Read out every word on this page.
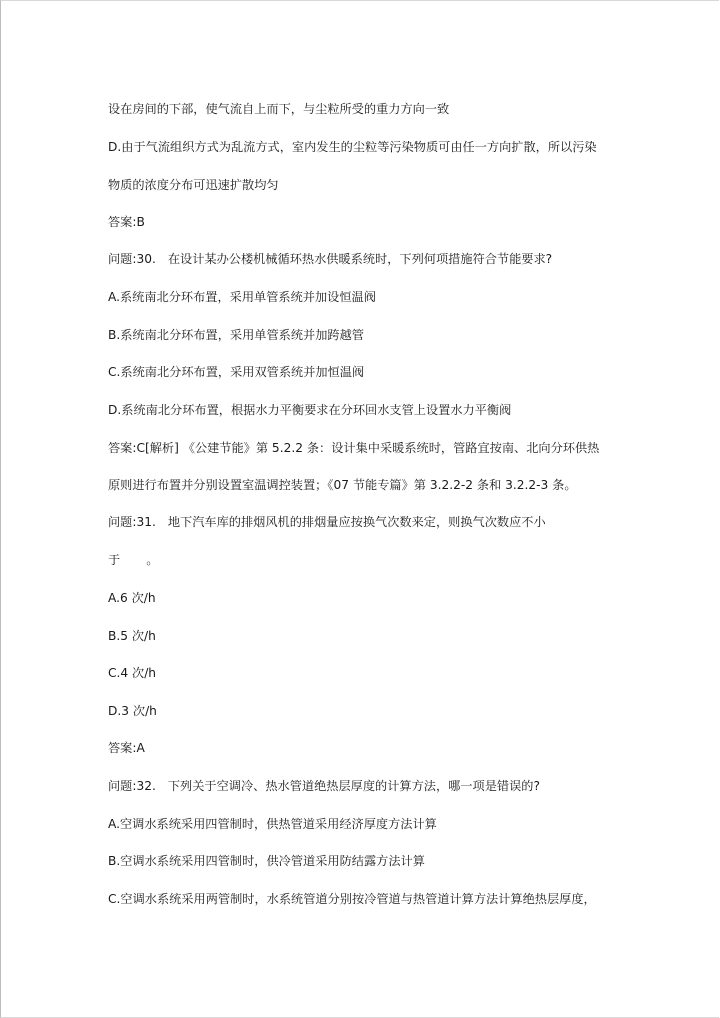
设在房间的下部，使气流自上而下，与尘粒所受的重力方向一致
D.由于气流组织方式为乱流方式，室内发生的尘粒等污染物质可由任一方向扩散，所以污染
物质的浓度分布可迅速扩散均匀
答案:B
问题:30. 在设计某办公楼机械循环热水供暖系统时，下列何项措施符合节能要求?
A.系统南北分环布置，采用单管系统并加设恒温阀
B.系统南北分环布置，采用单管系统并加跨越管
C.系统南北分环布置，采用双管系统并加恒温阀
D.系统南北分环布置，根据水力平衡要求在分环回水支管上设置水力平衡阀
答案:C[解析] 《公建节能》第 5.2.2 条：设计集中采暖系统时，管路宜按南、北向分环供热
原则进行布置并分别设置室温调控装置；《07 节能专篇》第 3.2.2-2 条和 3.2.2-3 条。
问题:31. 地下汽车库的排烟风机的排烟量应按换气次数来定，则换气次数应不小
于 。
A.6 次/h
B.5 次/h
C.4 次/h
D.3 次/h
答案:A
问题:32. 下列关于空调冷、热水管道绝热层厚度的计算方法，哪一项是错误的?
A.空调水系统采用四管制时，供热管道采用经济厚度方法计算
B.空调水系统采用四管制时，供冷管道采用防结露方法计算
C.空调水系统采用两管制时，水系统管道分别按冷管道与热管道计算方法计算绝热层厚度，
